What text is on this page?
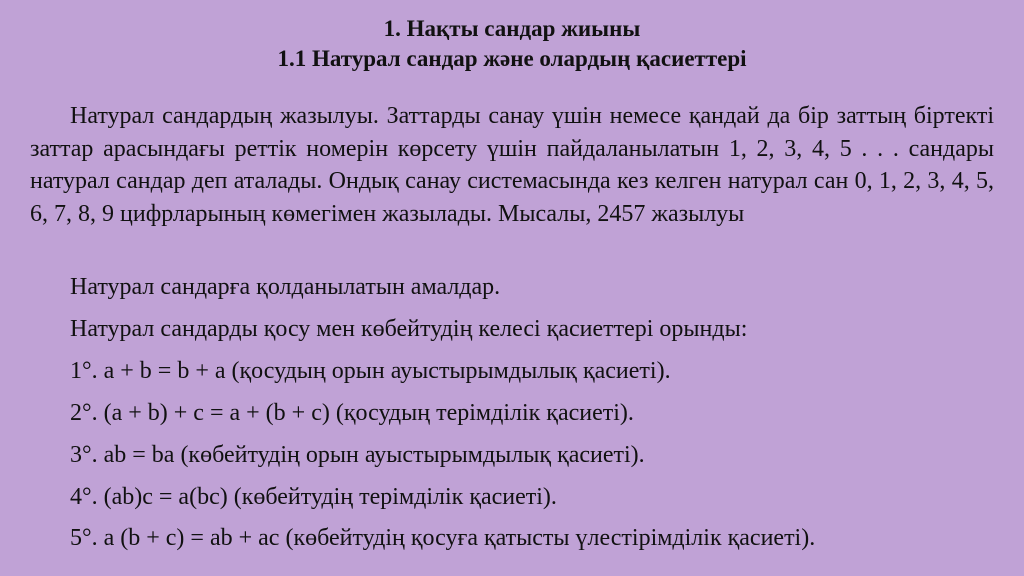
1. Нақты сандар жиыны
1.1 Натурал сандар және олардың қасиеттері

Натурал сандардың жазылуы. Заттарды санау үшін немесе қандай да бір заттың біртекті заттар арасындағы реттік номерін көрсету үшін пайдаланылатын 1, 2, 3, 4, 5 . . . сандары натурал сандар деп аталады. Ондық санау системасында кез келген натурал сан 0, 1, 2, 3, 4, 5, 6, 7, 8, 9 цифрларының көмегімен жазылады. Мысалы, 2457 жазылуы

Натурал сандарға қолданылатын амалдар.
Натурал сандарды қосу мен көбейтудің келесі қасиеттері орынды:
1°. a + b = b + a (қосудың орын ауыстырымдылық қасиеті).
2°. (a + b) + c = a + (b + c) (қосудың терімділік қасиеті).
3°. ab = ba (көбейтудің орын ауыстырымдылық қасиеті).
4°. (ab)c = a(bc) (көбейтудің терімділік қасиеті).
5°. a (b + c) = ab + ac (көбейтудің қосуға қатысты үлестірімділік қасиеті).
